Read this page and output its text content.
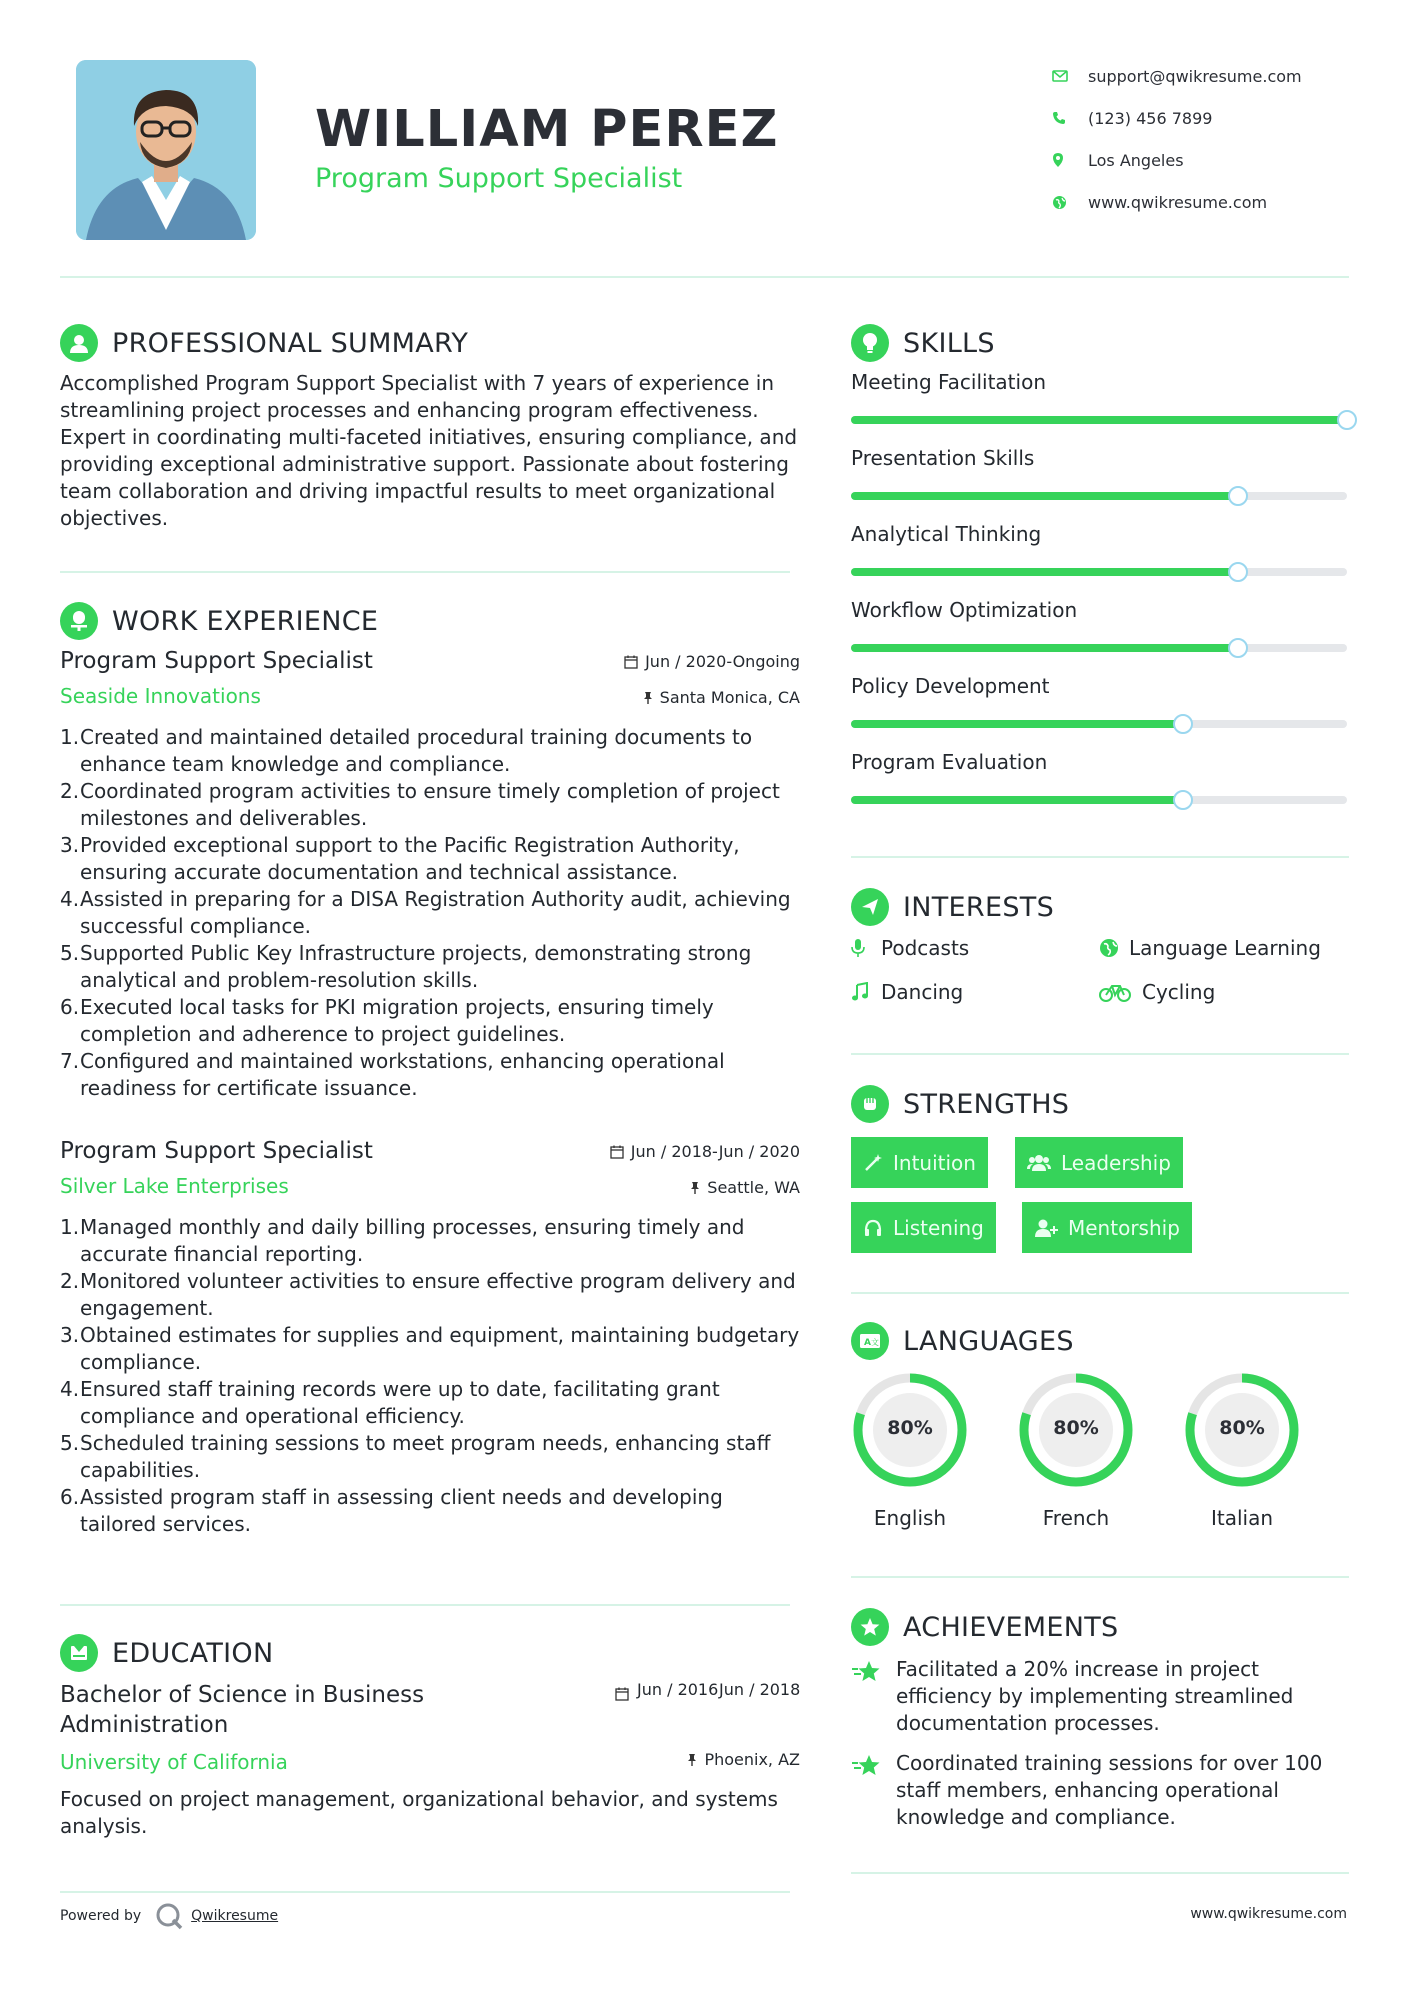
WILLIAM PEREZ
Program Support Specialist
support@qwikresume.com
(123) 456 7899
Los Angeles
www.qwikresume.com
PROFESSIONAL SUMMARY
Accomplished Program Support Specialist with 7 years of experience in streamlining project processes and enhancing program effectiveness. Expert in coordinating multi-faceted initiatives, ensuring compliance, and providing exceptional administrative support. Passionate about fostering team collaboration and driving impactful results to meet organizational objectives.
WORK EXPERIENCE
Program Support Specialist	Jun / 2020-Ongoing
Seaside Innovations	Santa Monica, CA
Created and maintained detailed procedural training documents to enhance team knowledge and compliance.
Coordinated program activities to ensure timely completion of project milestones and deliverables.
Provided exceptional support to the Pacific Registration Authority, ensuring accurate documentation and technical assistance.
Assisted in preparing for a DISA Registration Authority audit, achieving successful compliance.
Supported Public Key Infrastructure projects, demonstrating strong analytical and problem-resolution skills.
Executed local tasks for PKI migration projects, ensuring timely completion and adherence to project guidelines.
Configured and maintained workstations, enhancing operational readiness for certificate issuance.
Program Support Specialist	Jun / 2018-Jun / 2020
Silver Lake Enterprises	Seattle, WA
Managed monthly and daily billing processes, ensuring timely and accurate financial reporting.
Monitored volunteer activities to ensure effective program delivery and engagement.
Obtained estimates for supplies and equipment, maintaining budgetary compliance.
Ensured staff training records were up to date, facilitating grant compliance and operational efficiency.
Scheduled training sessions to meet program needs, enhancing staff capabilities.
Assisted program staff in assessing client needs and developing tailored services.
EDUCATION
Bachelor of Science in Business Administration
Jun / 2016 Jun / 2018
University of California	Phoenix, AZ
Focused on project management, organizational behavior, and systems analysis.
Powered by	Qwikresume
SKILLS
Meeting Facilitation
Presentation Skills
Analytical Thinking
Workflow Optimization
Policy Development
Program Evaluation
INTERESTS
Podcasts	Language Learning
Dancing	Cycling
STRENGTHS
Intuition	Leadership
Listening	Mentorship
A 文 LANGUAGES
80%
English
80%
French
80%
Italian
ACHIEVEMENTS
Facilitated a 20% increase in project efficiency by implementing streamlined documentation processes.
Coordinated training sessions for over 100 staff members, enhancing operational knowledge and compliance.
www.qwikresume.com
